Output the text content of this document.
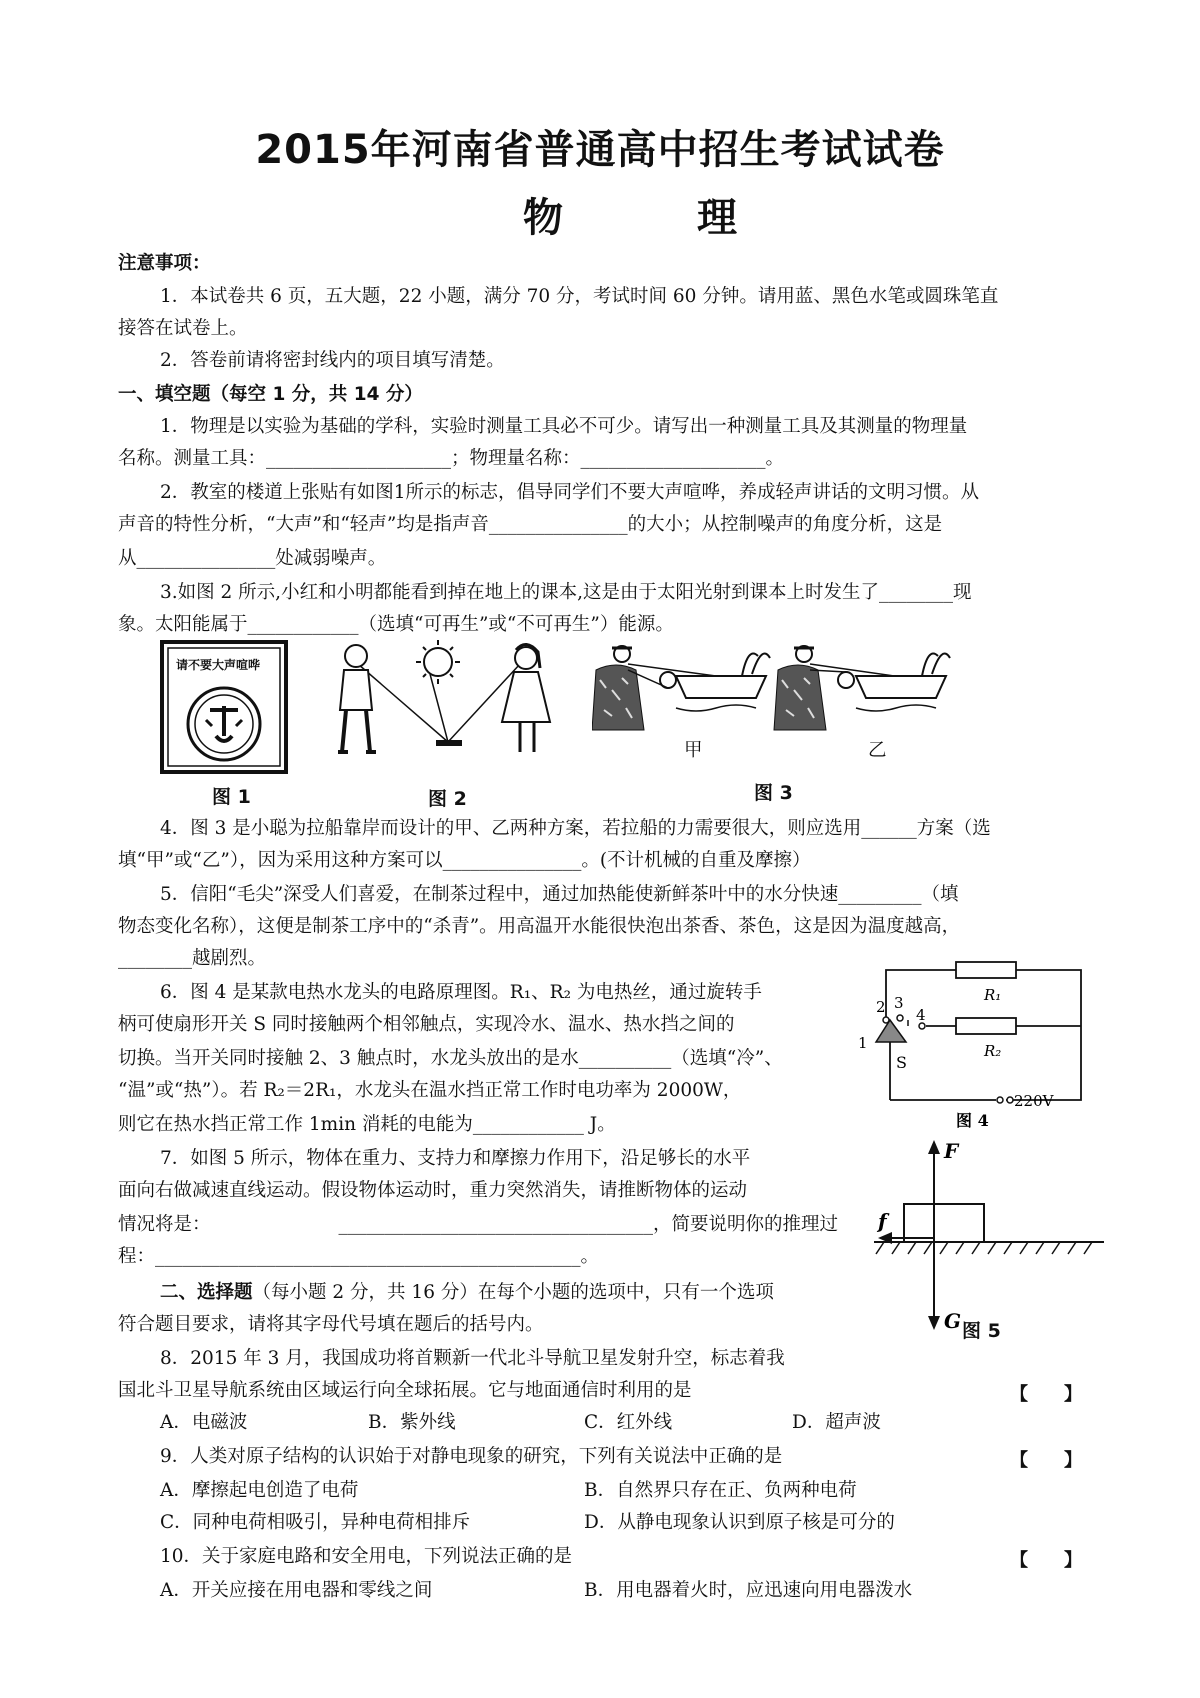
2015年河南省普通高中招生考试试卷
物 理
注意事项：
1．本试卷共 6 页，五大题，22 小题，满分 70 分，考试时间 60 分钟。请用蓝、黑色水笔或圆珠笔直
接答在试卷上。
2．答卷前请将密封线内的项目填写清楚。
一、填空题（每空 1 分，共 14 分）
1．物理是以实验为基础的学科，实验时测量工具必不可少。请写出一种测量工具及其测量的物理量
名称。测量工具：____________________；物理量名称：____________________。
2．教室的楼道上张贴有如图1所示的标志，倡导同学们不要大声喧哗，养成轻声讲话的文明习惯。从
声音的特性分析，“大声”和“轻声”均是指声音_______________的大小；从控制噪声的角度分析，这是
从_______________处减弱噪声。
3.如图 2 所示,小红和小明都能看到掉在地上的课本,这是由于太阳光射到课本上时发生了________现
象。太阳能属于____________（选填“可再生”或“不可再生”）能源。
请不要大声喧哗
图 1	图 2
甲	乙
图 3
4．图 3 是小聪为拉船靠岸而设计的甲、乙两种方案，若拉船的力需要很大，则应选用______方案（选
填“甲”或“乙”），因为采用这种方案可以_______________。(不计机械的自重及摩擦）
5．信阳“毛尖”深受人们喜爱，在制茶过程中，通过加热能使新鲜茶叶中的水分快速_________（填
物态变化名称），这便是制茶工序中的“杀青”。用高温开水能很快泡出茶香、茶色，这是因为温度越高，
________越剧烈。
6．图 4 是某款电热水龙头的电路原理图。R₁、R₂ 为电热丝，通过旋转手
柄可使扇形开关 S 同时接触两个相邻触点，实现冷水、温水、热水挡之间的
切换。当开关同时接触 2、3 触点时，水龙头放出的是水__________（选填“冷”、
“温”或“热”）。若 R₂＝2R₁，水龙头在温水挡正常工作时电功率为 2000W，
则它在热水挡正常工作 1min 消耗的电能为____________ J。
R₁
R₂
1
2 3
4
S
220V
图 4
7．如图 5 所示，物体在重力、支持力和摩擦力作用下，沿足够长的水平
面向右做减速直线运动。假设物体运动时，重力突然消失，请推断物体的运动
情况将是：	__________________________________，简要说明你的推理过
程：______________________________________________。
F
f
G 图 5
二、选择题（每小题 2 分，共 16 分）在每个小题的选项中，只有一个选项
符合题目要求，请将其字母代号填在题后的括号内。
8．2015 年 3 月，我国成功将首颗新一代北斗导航卫星发射升空，标志着我
国北斗卫星导航系统由区域运行向全球拓展。它与地面通信时利用的是	【　　】
A．电磁波	B．紫外线	C．红外线	D．超声波
9．人类对原子结构的认识始于对静电现象的研究，下列有关说法中正确的是	【　　】
A．摩擦起电创造了电荷	B．自然界只存在正、负两种电荷
C．同种电荷相吸引，异种电荷相排斥	D．从静电现象认识到原子核是可分的
10．关于家庭电路和安全用电，下列说法正确的是	【　　】
A．开关应接在用电器和零线之间	B．用电器着火时，应迅速向用电器泼水
